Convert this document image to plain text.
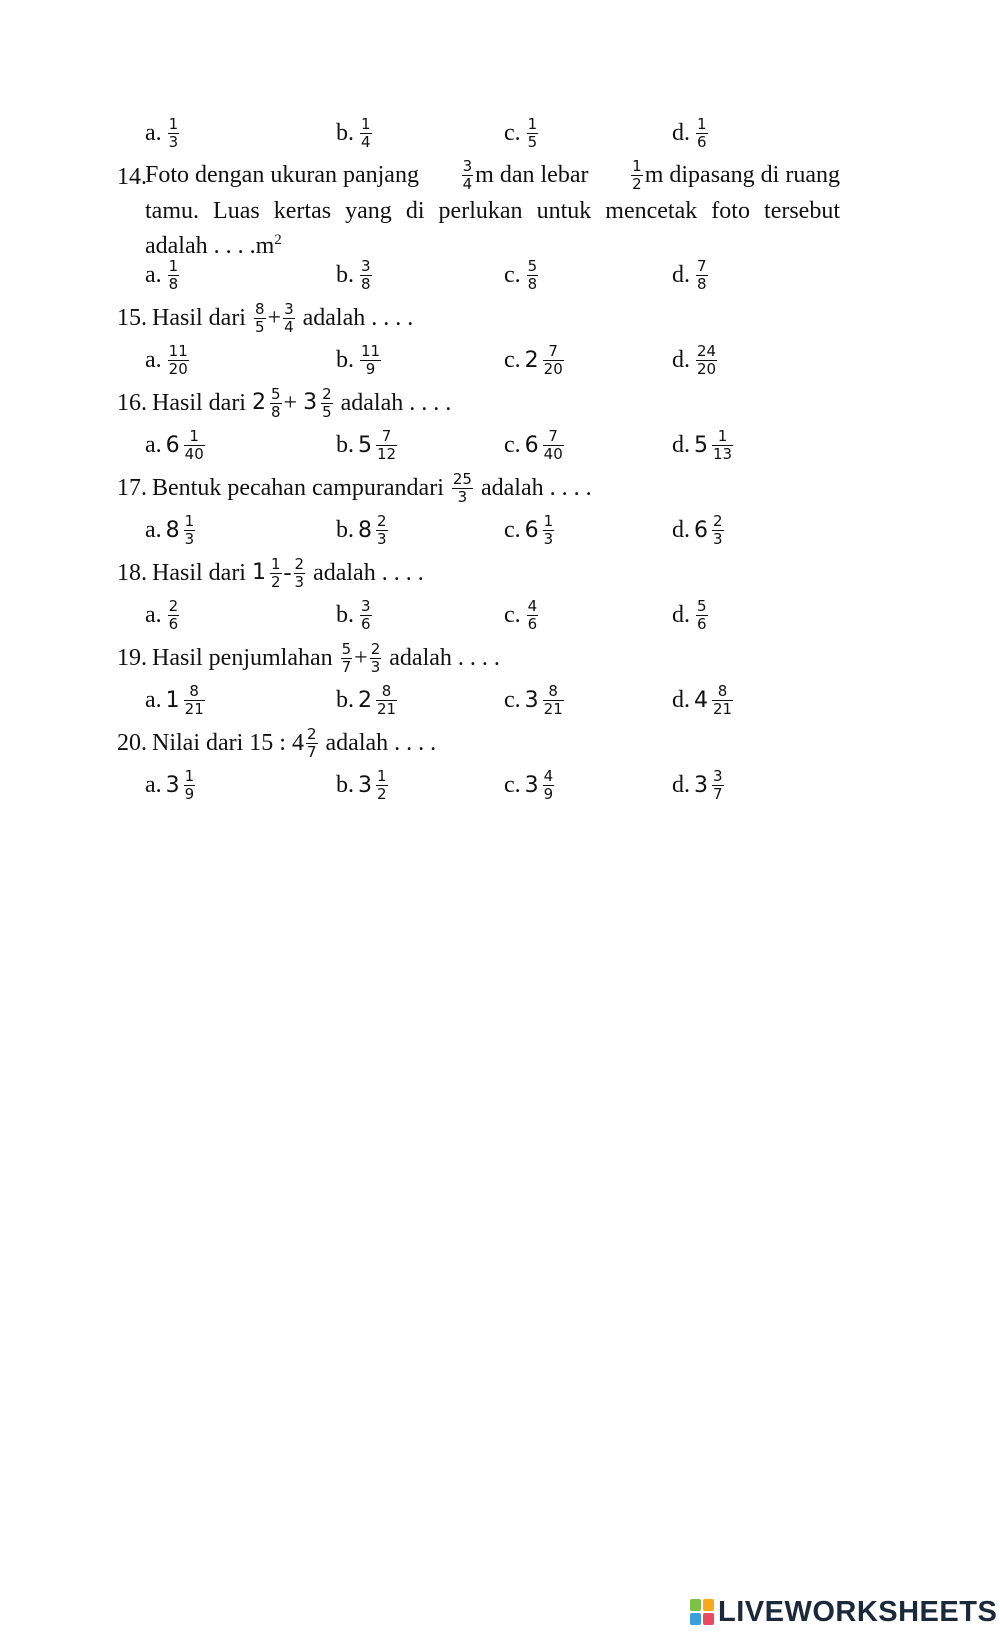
a. $\frac{1}{3}$	b. $\frac{1}{4}$	c. $\frac{1}{5}$	d. $\frac{1}{6}$
14.
Foto dengan ukuran panjang	$\frac{3}{4}$ m dan lebar	$\frac{1}{2}$ m dipasang di ruang
tamu. Luas kertas yang di perlukan untuk mencetak foto tersebut
adalah . . . $.m^2$
a. $\frac{1}{8}$	b. $\frac{3}{8}$	c. $\frac{5}{8}$	d. $\frac{7}{8}$
15. Hasil dari
$\frac{8}{5} + \frac{3}{4}$
adalah . . . .
a. $\frac{11}{20}$	b. $\frac{11}{9}$	c. $2 \frac{7}{20}$	d. $\frac{24}{20}$
16. Hasil dari
$2 \frac{5}{8}$ +
$3 \frac{2}{5}$
adalah . . . .
a. $6 \frac{1}{40}$	b. $5 \frac{7}{12}$	c. $6 \frac{7}{40}$	d. $5 \frac{1}{13}$
17. Bentuk pecahan campurandari
$\frac{25}{3}$
adalah . . . .
a. $8 \frac{1}{3}$	b. $8 \frac{2}{3}$	c. $6 \frac{1}{3}$	d. $6 \frac{2}{3}$
18. Hasil dari
$1 \frac{1}{2} - \frac{2}{3}$
adalah . . . .
a. $\frac{2}{6}$	b. $\frac{3}{6}$	c. $\frac{4}{6}$	d. $\frac{5}{6}$
19. Hasil penjumlahan
$\frac{5}{7} + \frac{2}{3}$
adalah . . . .
a. $1 \frac{8}{21}$	b. $2 \frac{8}{21}$	c. $3 \frac{8}{21}$	d. $4 \frac{8}{21}$
20. Nilai dari 15 : $4 \frac{2}{7}$
adalah . . . .
a. $3 \frac{1}{9}$	b. $3 \frac{1}{2}$	c. $3 \frac{4}{9}$	d. $3 \frac{3}{7}$
LIVEWORKSHEETS
